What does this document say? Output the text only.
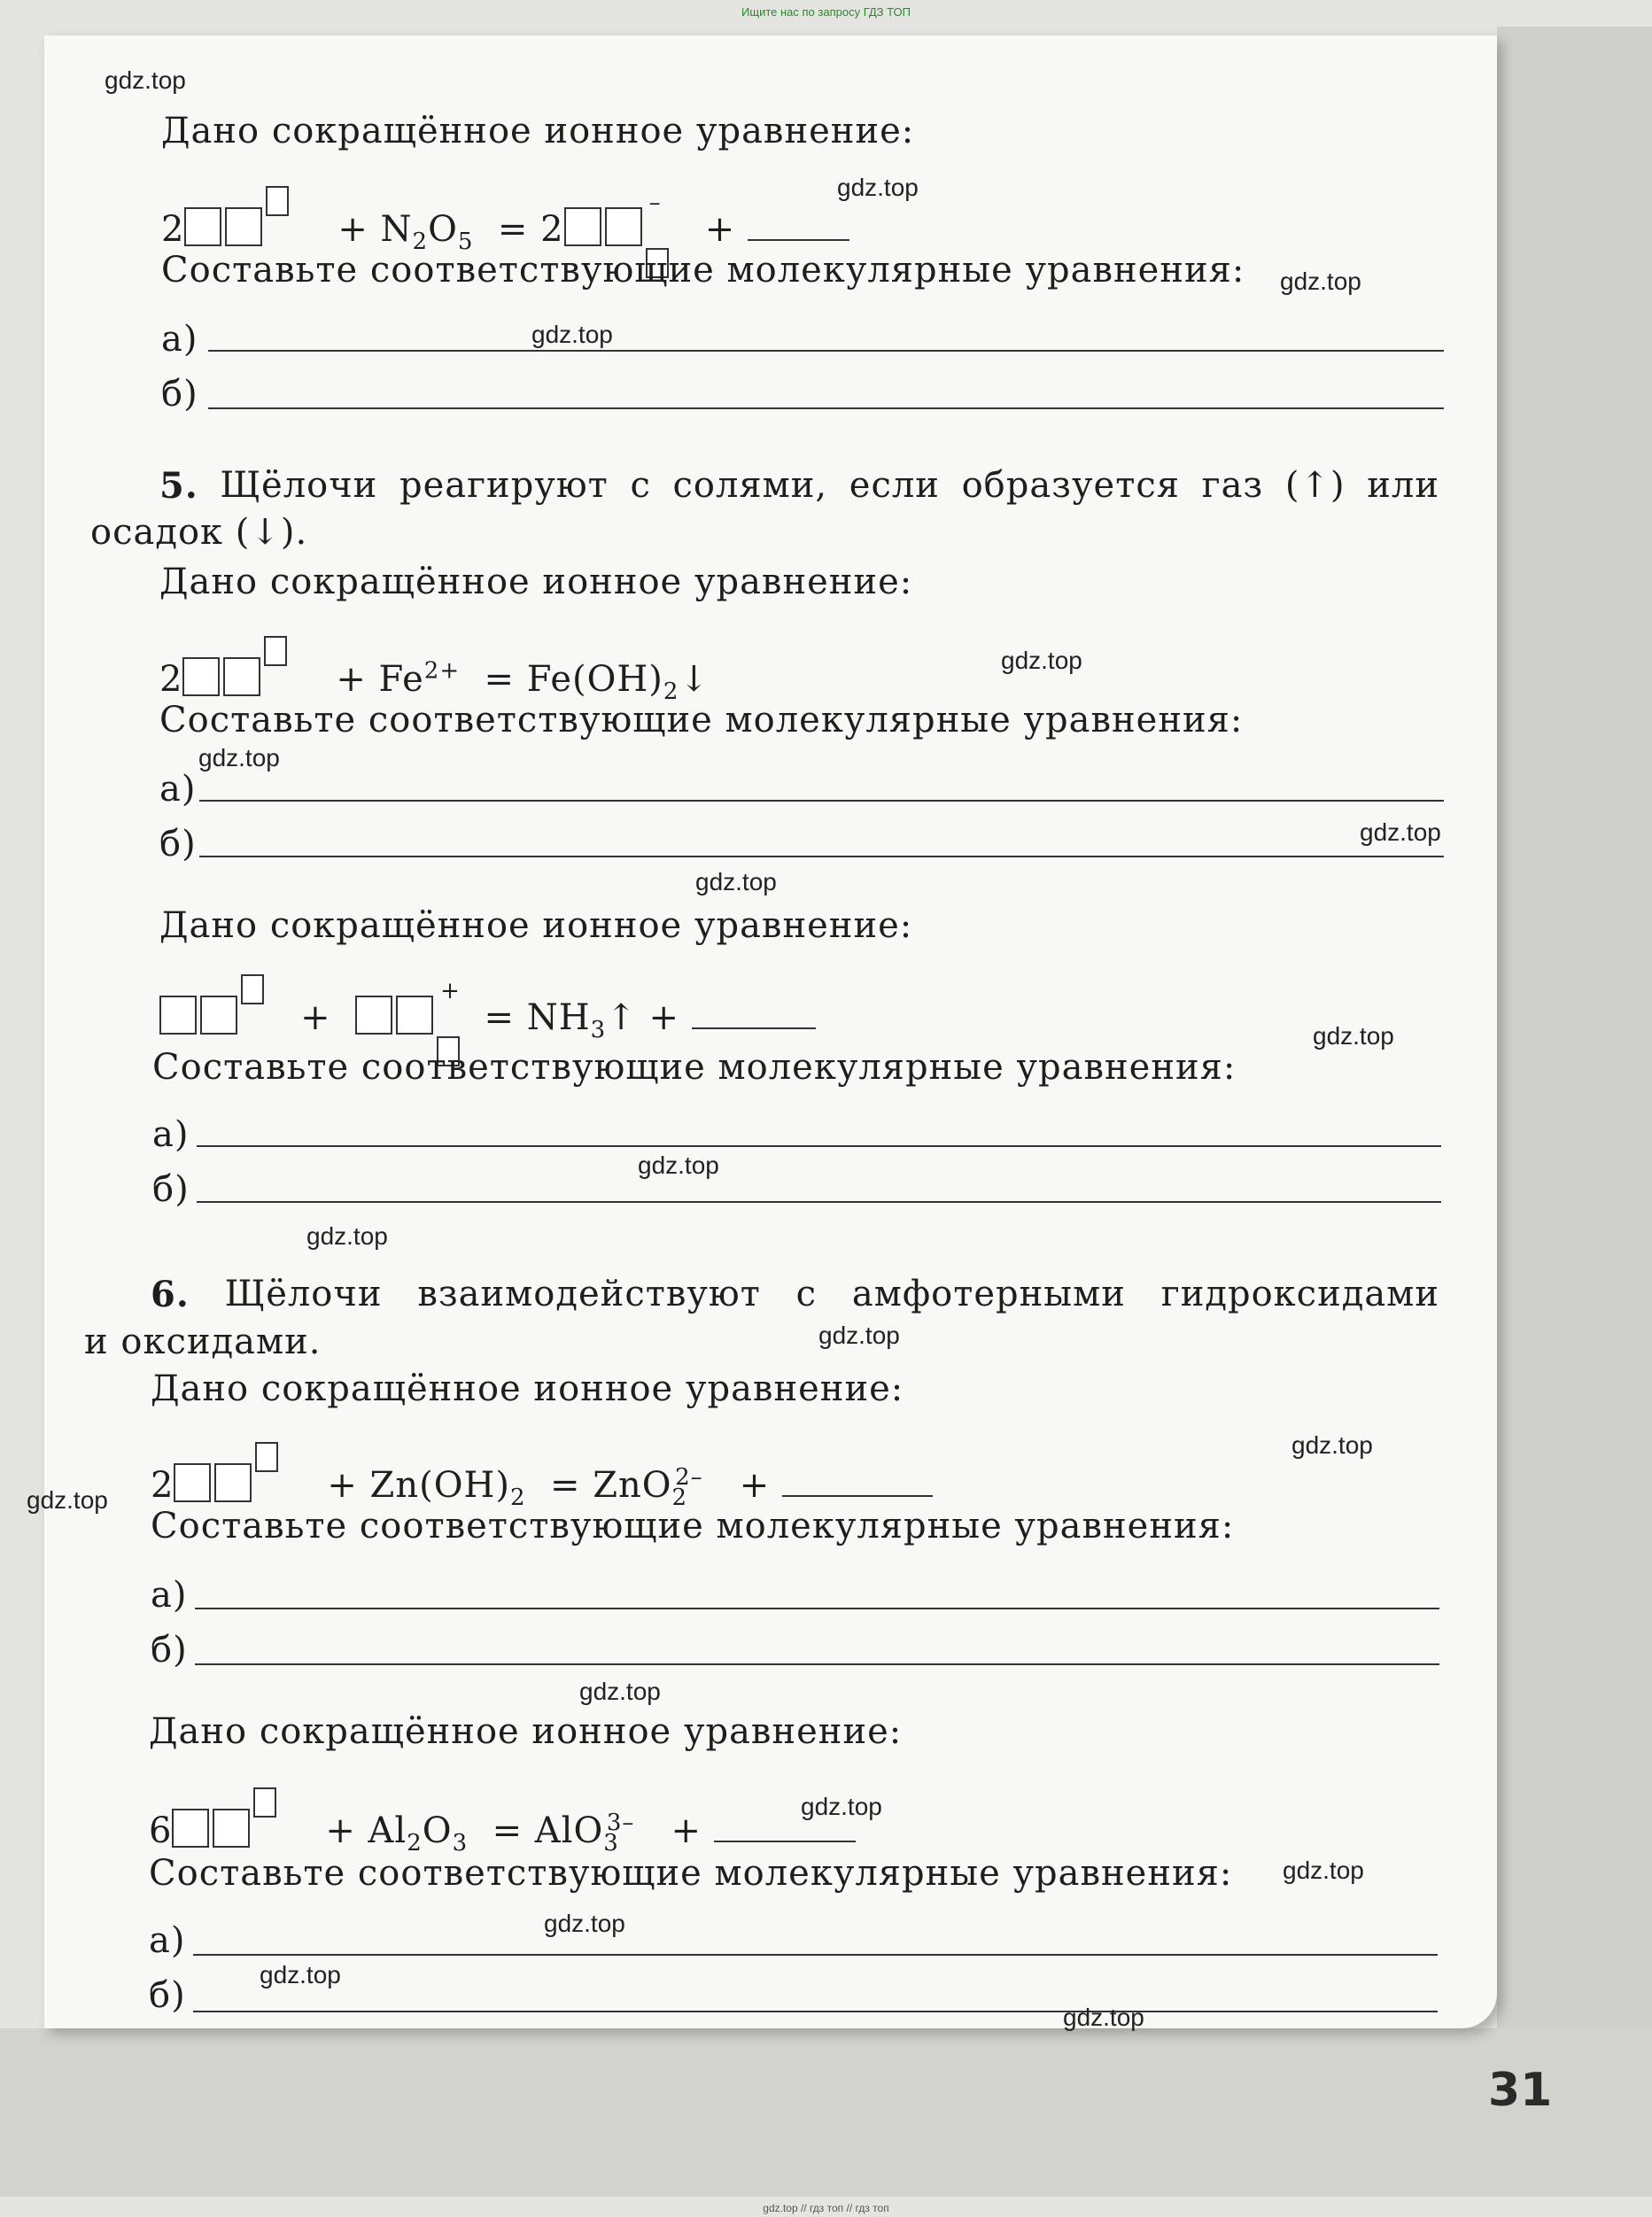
Ищите нас по запросу ГДЗ ТОП
Дано сокращённое ионное уравнение:
2	+ $N_2O_5 = 2$
–
+
Составьте соответствующие молекулярные уравнения:
а)
б)
5. Щёлочи реагируют с солями, если образуется газ (↑) или
осадок (↓).
Дано сокращённое ионное уравнение:
2	+ $Fe^{2+}$ = $Fe(OH)_2↓$
Составьте соответствующие молекулярные уравнения:
а)
б)
Дано сокращённое ионное уравнение:
+
+
= $NH_3↑$ +
Составьте соответствующие молекулярные уравнения:
а)
б)
6. Щёлочи взаимодействуют с амфотерными гидроксидами
и оксидами.
Дано сокращённое ионное уравнение:
2	+ $Zn(OH)_2 = ZnO_2^{2-}$ +
Составьте соответствующие молекулярные уравнения:
а)
б)
Дано сокращённое ионное уравнение:
6	+ $Al_2O_3 = AlO_3^{3-}$ +
Составьте соответствующие молекулярные уравнения:
а)
б)
31
gdz.top
gdz.top
gdz.top
gdz.top
gdz.top
gdz.top
gdz.top
gdz.top
gdz.top
gdz.top
gdz.top
gdz.top
gdz.top
gdz.top
gdz.top
gdz.top
gdz.top
gdz.top
gdz.top
gdz.top
gdz.top // гдз топ // гдз топ
